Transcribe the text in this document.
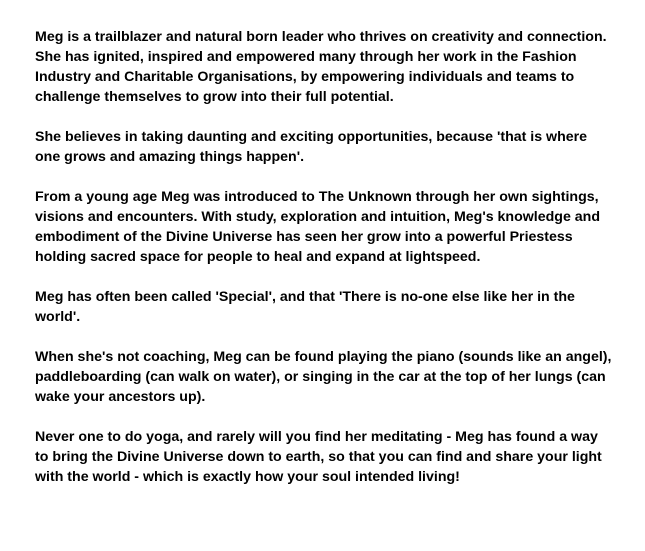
Meg is a trailblazer and natural born leader who thrives on creativity and connection. She has ignited, inspired and empowered many through her work in the Fashion Industry and Charitable Organisations, by empowering individuals and teams to challenge themselves to grow into their full potential.

She believes in taking daunting and exciting opportunities, because 'that is where one grows and amazing things happen'.

From a young age Meg was introduced to The Unknown through her own sightings, visions and encounters. With study, exploration and intuition, Meg's knowledge and embodiment of the Divine Universe has seen her grow into a powerful Priestess holding sacred space for people to heal and expand at lightspeed.

Meg has often been called 'Special', and that 'There is no-one else like her in the world'.

When she's not coaching, Meg can be found playing the piano (sounds like an angel), paddleboarding (can walk on water), or singing in the car at the top of her lungs (can wake your ancestors up).

Never one to do yoga, and rarely will you find her meditating - Meg has found a way to bring the Divine Universe down to earth, so that you can find and share your light with the world - which is exactly how your soul intended living!
